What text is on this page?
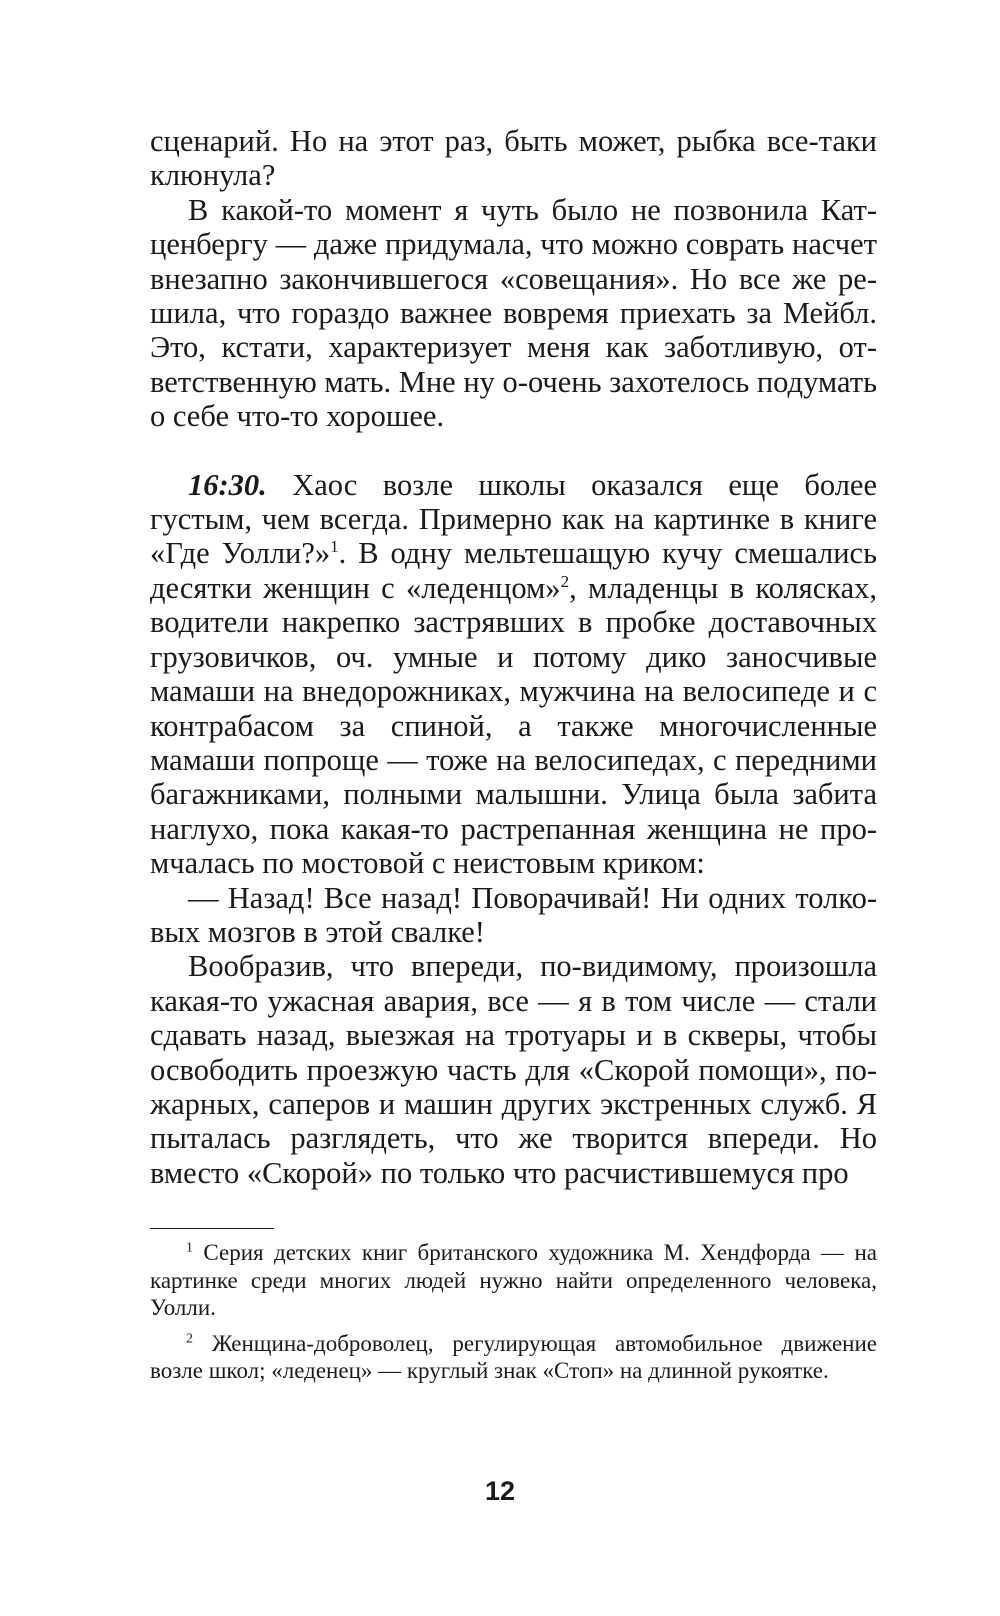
сценарий. Но на этот раз, быть может, рыбка все-таки клюнула?

В какой-то момент я чуть было не позвонила Катценбергу — даже придумала, что можно соврать насчет внезапно закончившегося «совещания». Но все же решила, что гораздо важнее вовремя приехать за Мейбл. Это, кстати, характеризует меня как заботливую, ответственную мать. Мне ну о-очень захотелось подумать о себе что-то хорошее.

16:30. Хаос возле школы оказался еще более густым, чем всегда. Примерно как на картинке в книге «Где Уолли?»$^1$. В одну мельтешащую кучу смешались десятки женщин с «леденцом»$^2$, младенцы в колясках, водители накрепко застрявших в пробке доставочных грузовичков, оч. умные и потому дико заносчивые мамаши на внедорожниках, мужчина на велосипеде и с контрабасом за спиной, а также многочисленные мамаши попроще — тоже на велосипедах, с передними багажниками, полными малышни. Улица была забита наглухо, пока какая-то растрепанная женщина не промчалась по мостовой с неистовым криком:

— Назад! Все назад! Поворачивай! Ни одних толковых мозгов в этой свалке!

Вообразив, что впереди, по-видимому, произошла какая-то ужасная авария, все — я в том числе — стали сдавать назад, выезжая на тротуары и в скверы, чтобы освободить проезжую часть для «Скорой помощи», пожарных, саперов и машин других экстренных служб. Я пыталась разглядеть, что же творится впереди. Но вместо «Скорой» по только что расчистившемуся про

$^1$ Серия детских книг британского художника М. Хендфорда — на картинке среди многих людей нужно найти определенного человека, Уолли.

$^2$ Женщина-доброволец, регулирующая автомобильное движение возле школ; «леденец» — круглый знак «Стоп» на длинной рукоятке.

12
